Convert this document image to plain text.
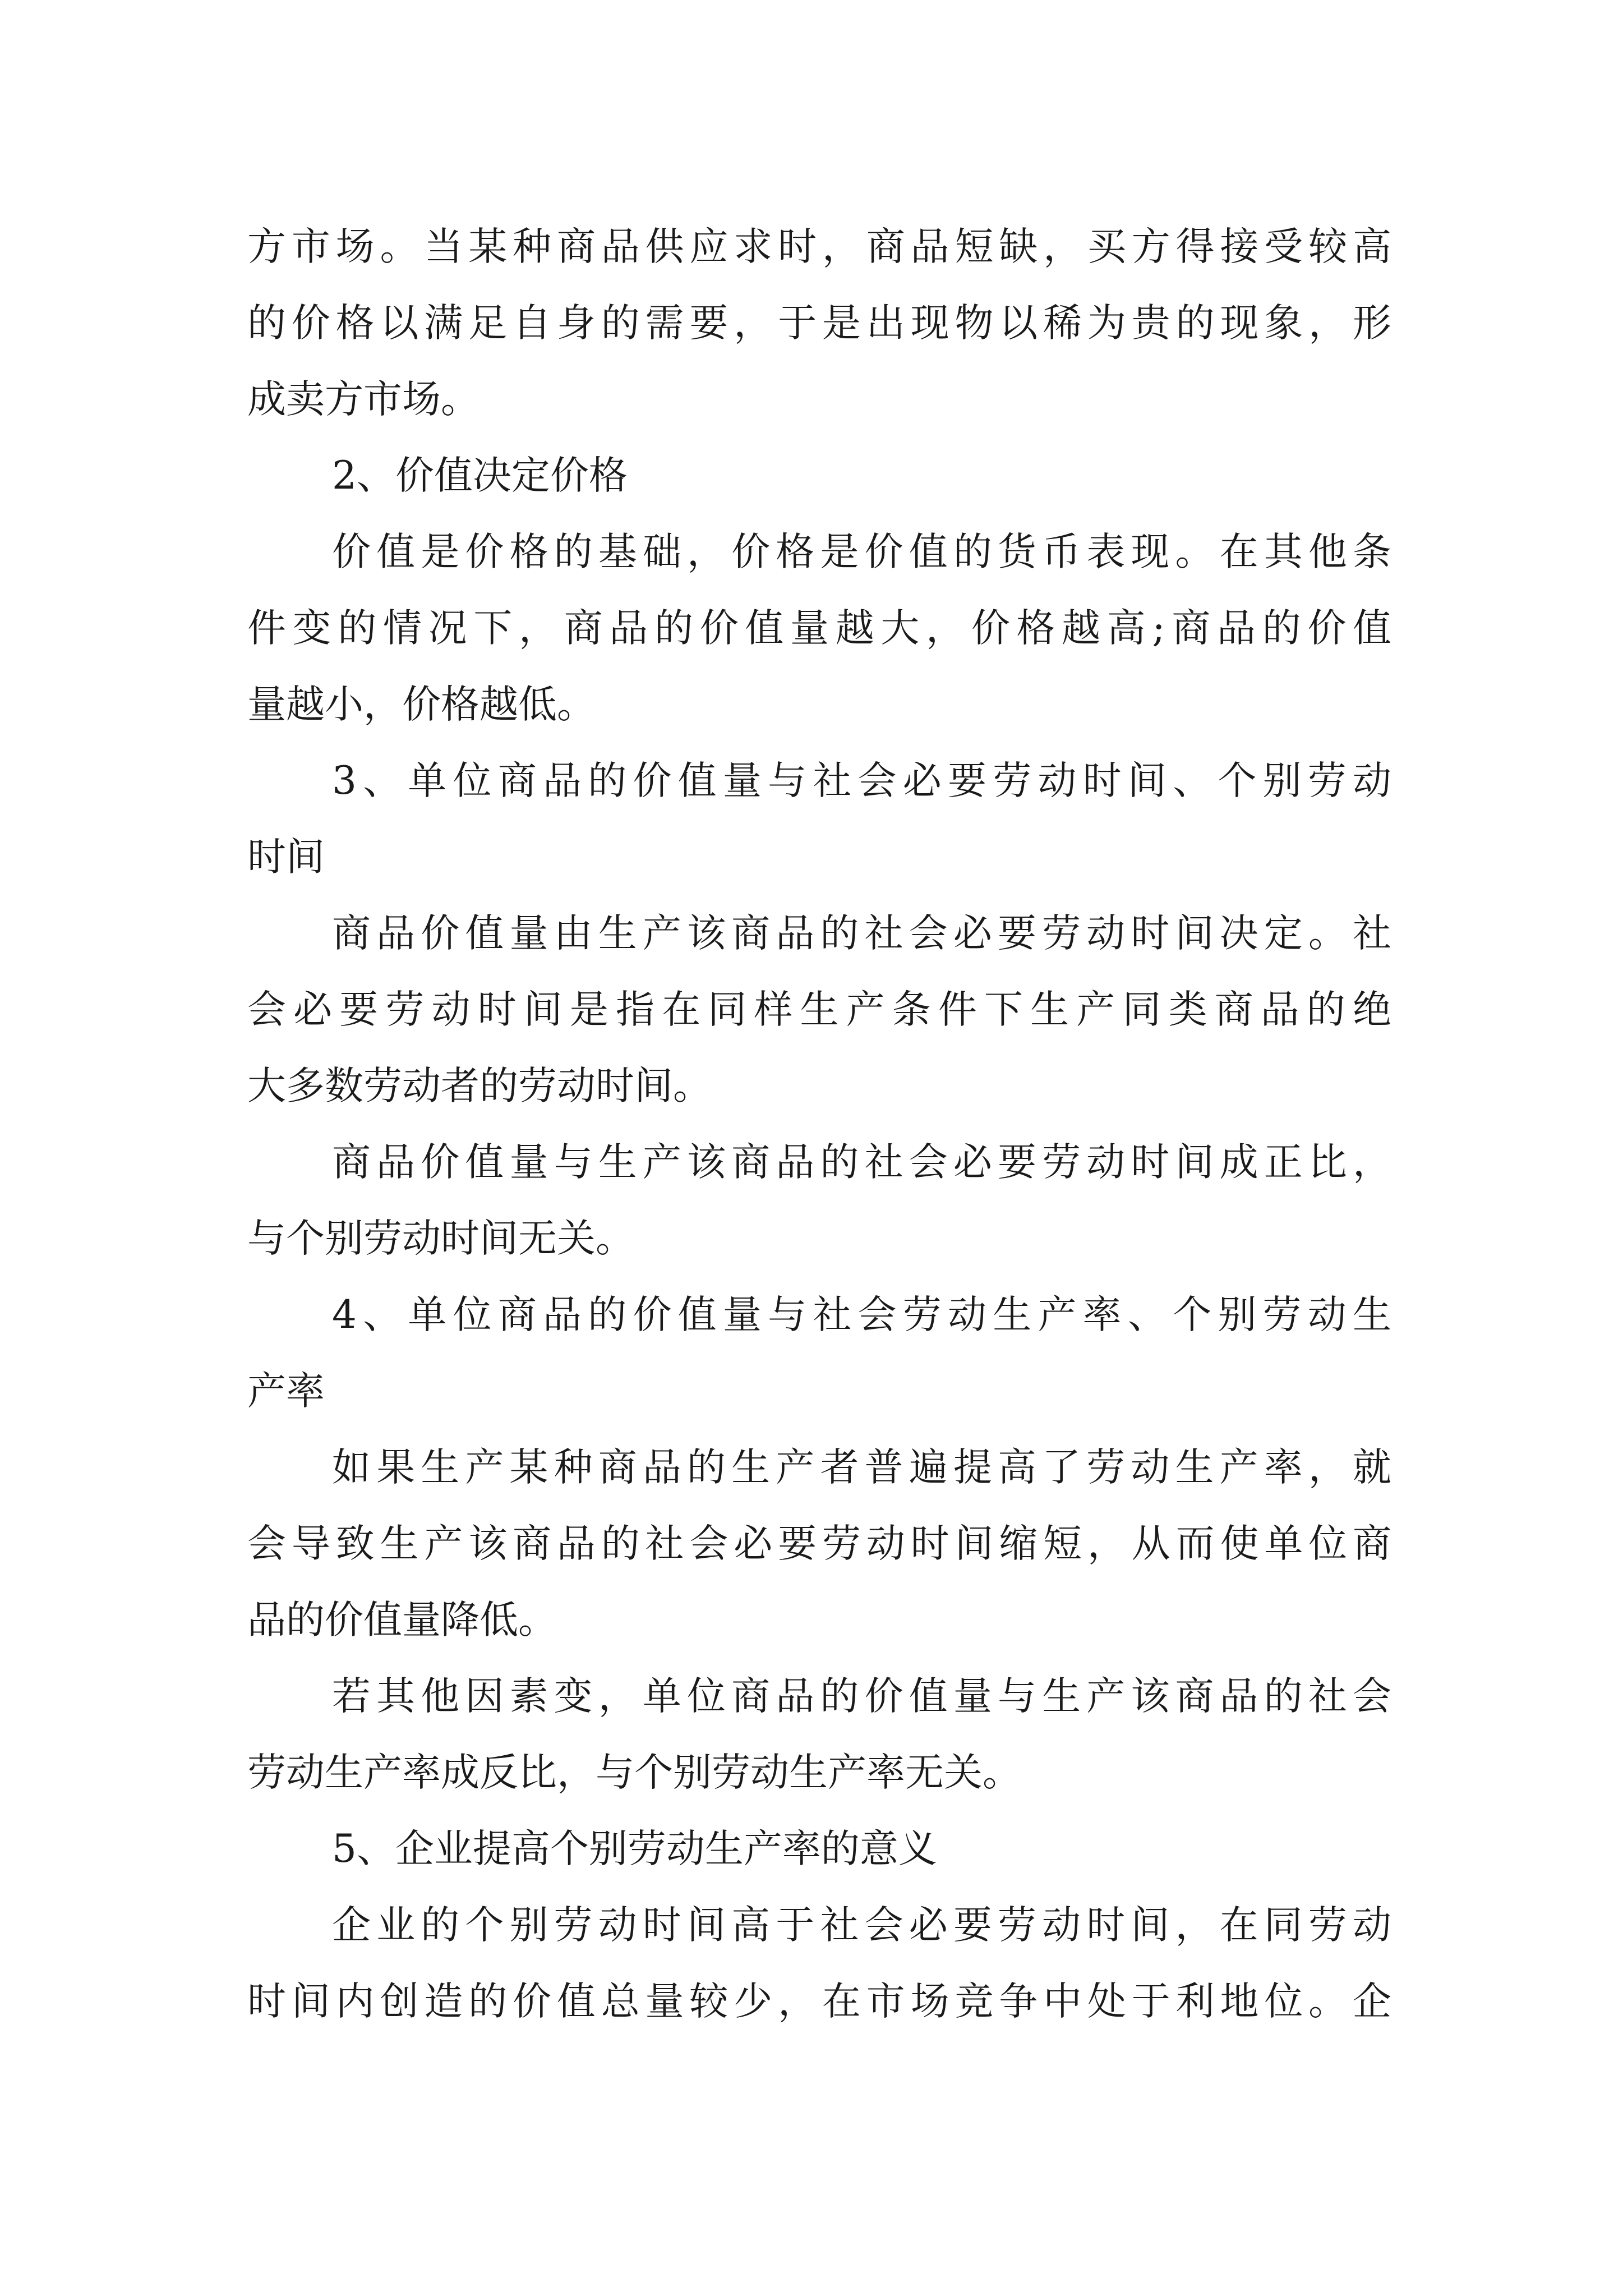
方市场。当某种商品供应求时，商品短缺，买方得接受较高
的价格以满足自身的需要，于是出现物以稀为贵的现象，形
成卖方市场。
2、价值决定价格
价值是价格的基础，价格是价值的货币表现。在其他条
件变的情况下，商品的价值量越大，价格越高;商品的价值
量越小，价格越低。
3、单位商品的价值量与社会必要劳动时间、个别劳动
时间
商品价值量由生产该商品的社会必要劳动时间决定。社
会必要劳动时间是指在同样生产条件下生产同类商品的绝
大多数劳动者的劳动时间。
商品价值量与生产该商品的社会必要劳动时间成正比，
与个别劳动时间无关。
4、单位商品的价值量与社会劳动生产率、个别劳动生
产率
如果生产某种商品的生产者普遍提高了劳动生产率，就
会导致生产该商品的社会必要劳动时间缩短，从而使单位商
品的价值量降低。
若其他因素变，单位商品的价值量与生产该商品的社会
劳动生产率成反比，与个别劳动生产率无关。
5、企业提高个别劳动生产率的意义
企业的个别劳动时间高于社会必要劳动时间，在同劳动
时间内创造的价值总量较少，在市场竞争中处于利地位。企
